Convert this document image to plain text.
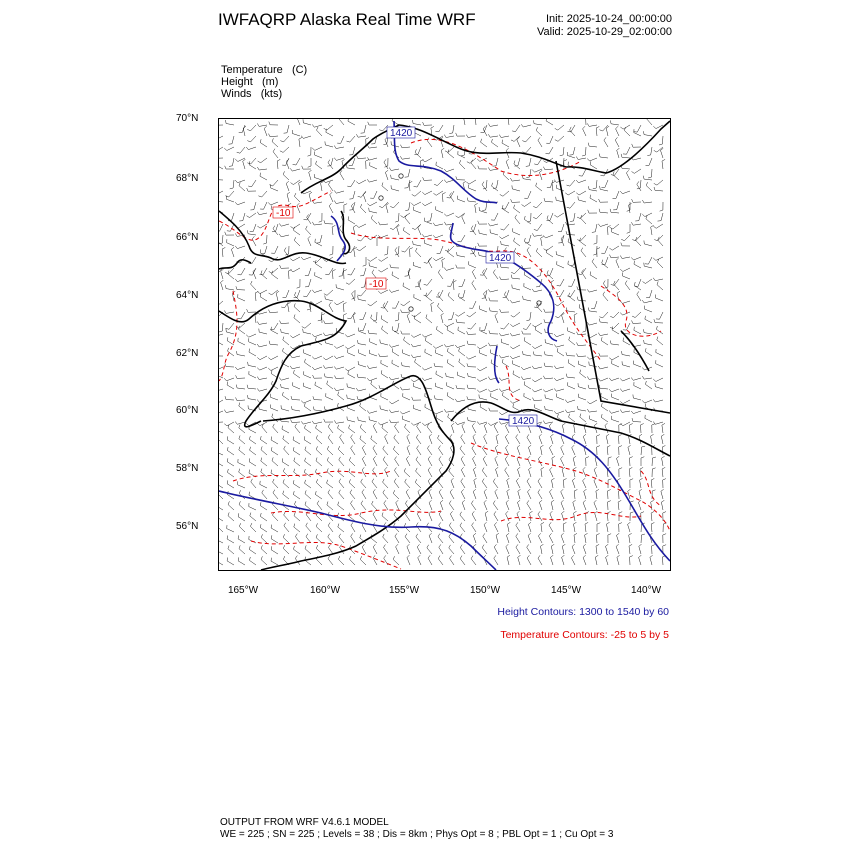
IWFAQRP Alaska Real Time WRF	Init: 2025-10-24_00:00:00
Valid: 2025-10-29_02:00:00
Temperature (C)
Height (m)
Winds (kts)
70°N
68°N
66°N
64°N
62°N
60°N
58°N
56°N
165°W	160°W	155°W	150°W	145°W	140°W
1420
1420
1420
-10
-10
Height Contours: 1300 to 1540 by 60
Temperature Contours: -25 to 5 by 5
OUTPUT FROM WRF V4.6.1 MODEL
WE = 225 ; SN = 225 ; Levels = 38 ; Dis = 8km ; Phys Opt = 8 ; PBL Opt = 1 ; Cu Opt = 3
